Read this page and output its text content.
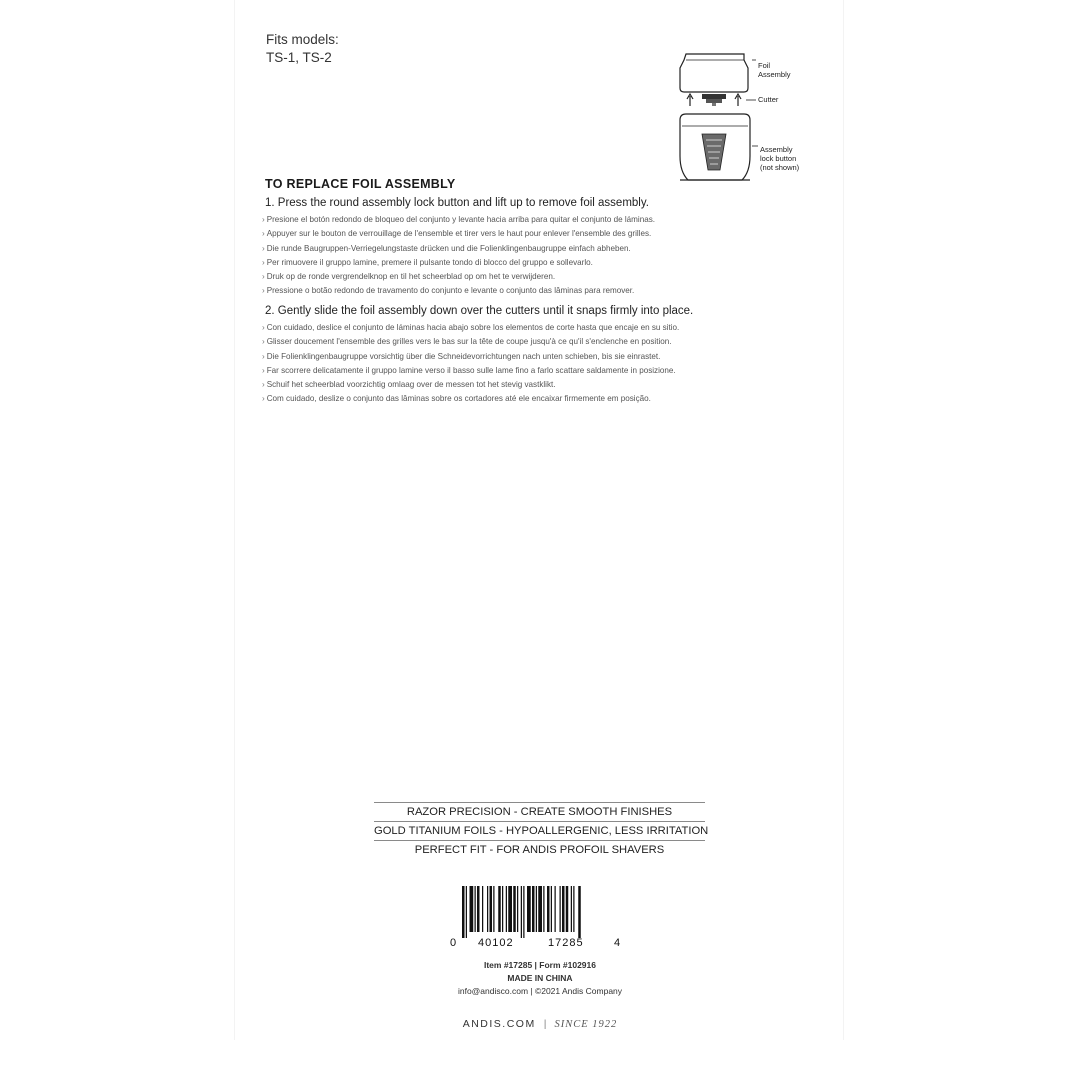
Fits models:
TS-1, TS-2
Foil
Assembly
Cutter
Assembly
lock button
(not shown)
TO REPLACE FOIL ASSEMBLY
1. Press the round assembly lock button and lift up to remove foil assembly.
› Presione el botón redondo de bloqueo del conjunto y levante hacia arriba para quitar el conjunto de láminas.
› Appuyer sur le bouton de verrouillage de l'ensemble et tirer vers le haut pour enlever l'ensemble des grilles.
› Die runde Baugruppen-Verriegelungstaste drücken und die Folienklingenbaugruppe einfach abheben.
› Per rimuovere il gruppo lamine, premere il pulsante tondo di blocco del gruppo e sollevarlo.
› Druk op de ronde vergrendelknop en til het scheerblad op om het te verwijderen.
› Pressione o botão redondo de travamento do conjunto e levante o conjunto das lâminas para remover.
2. Gently slide the foil assembly down over the cutters until it snaps firmly into place.
› Con cuidado, deslice el conjunto de láminas hacia abajo sobre los elementos de corte hasta que encaje en su sitio.
› Glisser doucement l'ensemble des grilles vers le bas sur la tête de coupe jusqu'à ce qu'il s'enclenche en position.
› Die Folienklingenbaugruppe vorsichtig über die Schneidevorrichtungen nach unten schieben, bis sie einrastet.
› Far scorrere delicatamente il gruppo lamine verso il basso sulle lame fino a farlo scattare saldamente in posizione.
› Schuif het scheerblad voorzichtig omlaag over de messen tot het stevig vastklikt.
› Com cuidado, deslize o conjunto das lâminas sobre os cortadores até ele encaixar firmemente em posição.
RAZOR PRECISION - CREATE SMOOTH FINISHES
GOLD TITANIUM FOILS - HYPOALLERGENIC, LESS IRRITATION
PERFECT FIT - FOR ANDIS PROFOIL SHAVERS
0 40102	17285	4
Item #17285 | Form #102916
MADE IN CHINA
info@andisco.com | ©2021 Andis Company
ANDIS.COM | SINCE 1922
